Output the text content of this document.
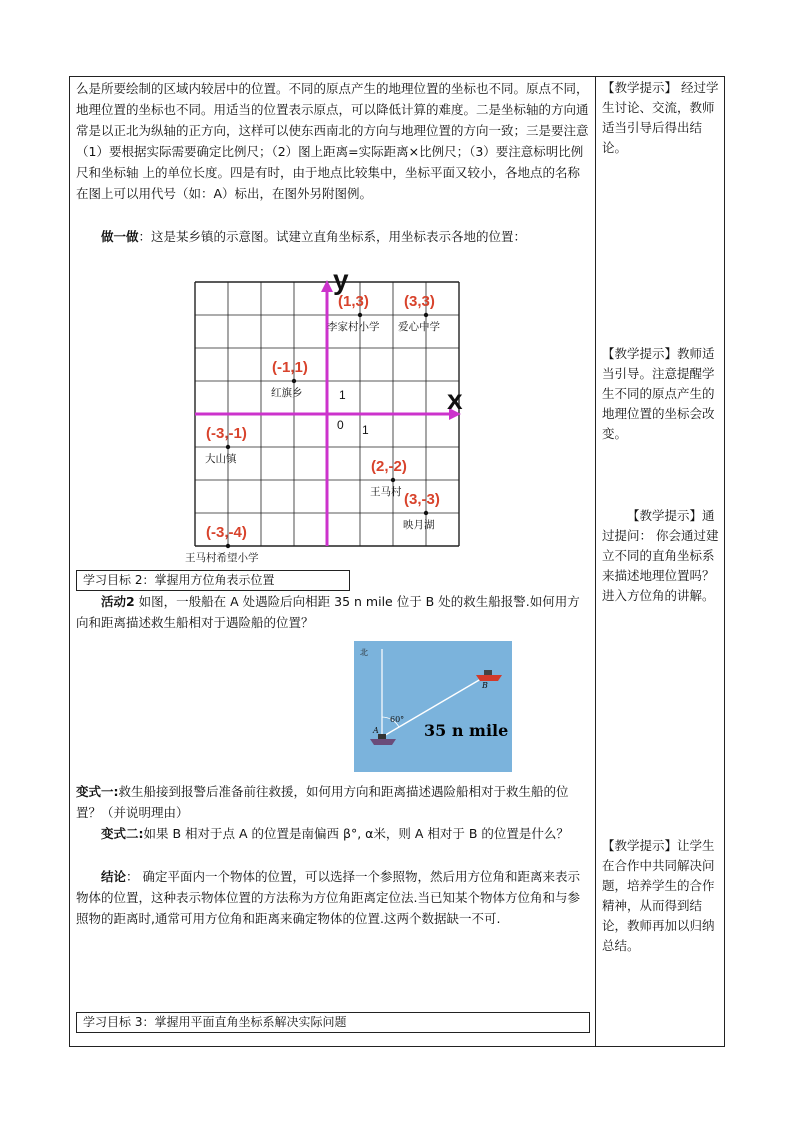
么是所要绘制的区域内较居中的位置。不同的原点产生的地理位置的坐标也不同。原点不同，地理位置的坐标也不同。用适当的位置表示原点，可以降低计算的难度。二是坐标轴的方向通常是以正北为纵轴的正方向，这样可以使东西南北的方向与地理位置的方向一致；三是要注意（1）要根据实际需要确定比例尺；（2）图上距离=实际距离×比例尺；（3）要注意标明比例尺和坐标轴 上的单位长度。四是有时，由于地点比较集中，坐标平面又较小，各地点的名称在图上可以用代号（如：A）标出，在图外另附图例。

做一做：这是某乡镇的示意图。试建立直角坐标系，用坐标表示各地的位置：

y
x
0 1
1
(1,3)
李家村小学
(3,3)
爱心中学
(-1,1)
红旗乡
(-3,-1)
大山镇	(2,-2)
王马村 (3,-3)
映月湖
(-3,-4)
王马村希望小学
学习目标 2：掌握用方位角表示位置

活动2 如图，一般船在 A 处遇险后向相距 35 n mile 位于 B 处的救生船报警.如何用方向和距离描述救生船相对于遇险船的位置？

北
60°
A
B
35 n mile

变式一:救生船接到报警后准备前往救援，如何用方向和距离描述遇险船相对于救生船的位置？（并说明理由）

变式二:如果 B 相对于点 A 的位置是南偏西 β°, α米，则 A 相对于 B 的位置是什么？

结论： 确定平面内一个物体的位置，可以选择一个参照物，然后用方位角和距离来表示物体的位置，这种表示物体位置的方法称为方位角距离定位法.当已知某个物体方位角和与参照物的距离时,通常可用方位角和距离来确定物体的位置.这两个数据缺一不可.

学习目标 3：掌握用平面直角坐标系解决实际问题
【教学提示】 经过学生讨论、交流，教师适当引导后得出结论。
【教学提示】教师适当引导。注意提醒学生不同的原点产生的地理位置的坐标会改变。
【教学提示】通过提问： 你会通过建立不同的直角坐标系来描述地理位置吗？进入方位角的讲解。
【教学提示】让学生在合作中共同解决问题，培养学生的合作精神，从而得到结论，教师再加以归纳总结。
